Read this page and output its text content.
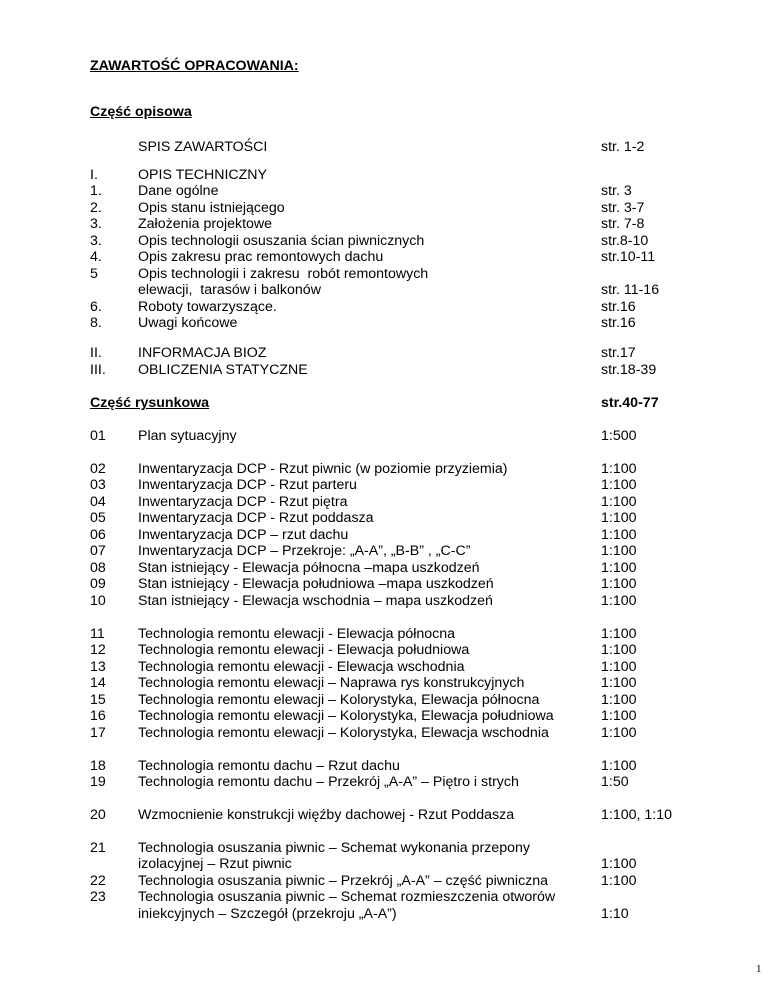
ZAWARTOŚĆ OPRACOWANIA:
Część opisowa
SPIS ZAWARTOŚCI	str. 1-2
I.	OPIS TECHNICZNY
1.	Dane ogólne	str. 3
2.	Opis stanu istniejącego	str. 3-7
3.	Założenia projektowe	str. 7-8
3.	Opis technologii osuszania ścian piwnicznych	str.8-10
4.	Opis zakresu prac remontowych dachu	str.10-11
5	Opis technologii i zakresu  robót remontowych
elewacji,  tarasów i balkonów	str. 11-16
6.	Roboty towarzyszące.	str.16
8.	Uwagi końcowe	str.16
II.	INFORMACJA BIOZ	str.17
III. OBLICZENIA STATYCZNE	str.18-39
Część rysunkowa	str.40-77
01 Plan sytuacyjny	1:500
02 Inwentaryzacja DCP - Rzut piwnic (w poziomie przyziemia)	1:100
03 Inwentaryzacja DCP - Rzut parteru	1:100
04 Inwentaryzacja DCP - Rzut piętra	1:100
05 Inwentaryzacja DCP - Rzut poddasza	1:100
06 Inwentaryzacja DCP – rzut dachu	1:100
07 Inwentaryzacja DCP – Przekroje: „A-A”, „B-B” , „C-C”	1:100
08 Stan istniejący - Elewacja północna –mapa uszkodzeń	1:100
09 Stan istniejący - Elewacja południowa –mapa uszkodzeń	1:100
10 Stan istniejący - Elewacja wschodnia – mapa uszkodzeń	1:100
11 Technologia remontu elewacji - Elewacja północna	1:100
12 Technologia remontu elewacji - Elewacja południowa	1:100
13 Technologia remontu elewacji - Elewacja wschodnia	1:100
14 Technologia remontu elewacji – Naprawa rys konstrukcyjnych	1:100
15 Technologia remontu elewacji – Kolorystyka, Elewacja północna	1:100
16 Technologia remontu elewacji – Kolorystyka, Elewacja południowa	1:100
17 Technologia remontu elewacji – Kolorystyka, Elewacja wschodnia	1:100
18 Technologia remontu dachu – Rzut dachu	1:100
19 Technologia remontu dachu – Przekrój „A-A” – Piętro i strych	1:50
20 Wzmocnienie konstrukcji więźby dachowej - Rzut Poddasza	1:100, 1:10
21 Technologia osuszania piwnic – Schemat wykonania przepony
izolacyjnej – Rzut piwnic	1:100
22 Technologia osuszania piwnic – Przekrój „A-A” – część piwniczna	1:100
23 Technologia osuszania piwnic – Schemat rozmieszczenia otworów
iniekcyjnych – Szczegół (przekroju „A-A”)	1:10
1
